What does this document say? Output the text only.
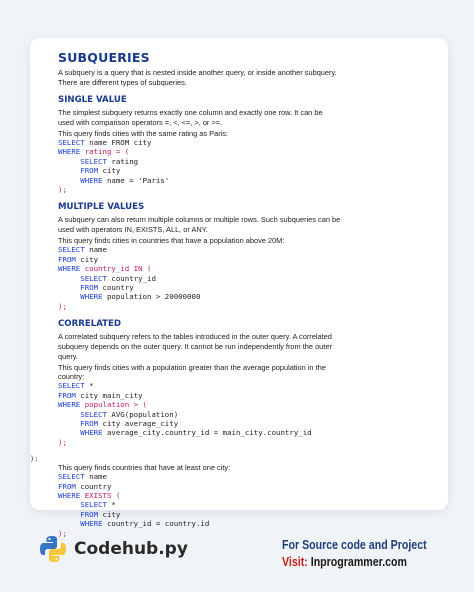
SUBQUERIES
A subquery is a query that is nested inside another query, or inside another subquery.
There are different types of subqueries.
SINGLE VALUE
The simplest subquery returns exactly one column and exactly one row. It can be
used with comparison operators =, <, <=, >, or >=.
This query finds cities with the same rating as Paris:
SELECT name FROM city
WHERE rating = (
SELECT rating
FROM city
WHERE name = 'Paris'
);
MULTIPLE VALUES
A subquery can also return multiple columns or multiple rows. Such subqueries can be
used with operators IN, EXISTS, ALL, or ANY.
This query finds cities in countries that have a population above 20M:
SELECT name
FROM city
WHERE country_id IN (
SELECT country_id
FROM country
WHERE population > 20000000
);
CORRELATED
A correlated subquery refers to the tables introduced in the outer query. A correlated
subquery depends on the outer query. It cannot be run independently from the outer
query.
This query finds cities with a population greater than the average population in the
country:
SELECT *
FROM city main_city
WHERE population > (
SELECT AVG(population)
FROM city average_city
WHERE average_city.country_id = main_city.country_id
);
This query finds countries that have at least one city:
SELECT name
FROM country
WHERE EXISTS (
SELECT *
FROM city
WHERE country_id = country.id
);
):
Codehub.py	For Source code and Project
Visit: Inprogrammer.com
